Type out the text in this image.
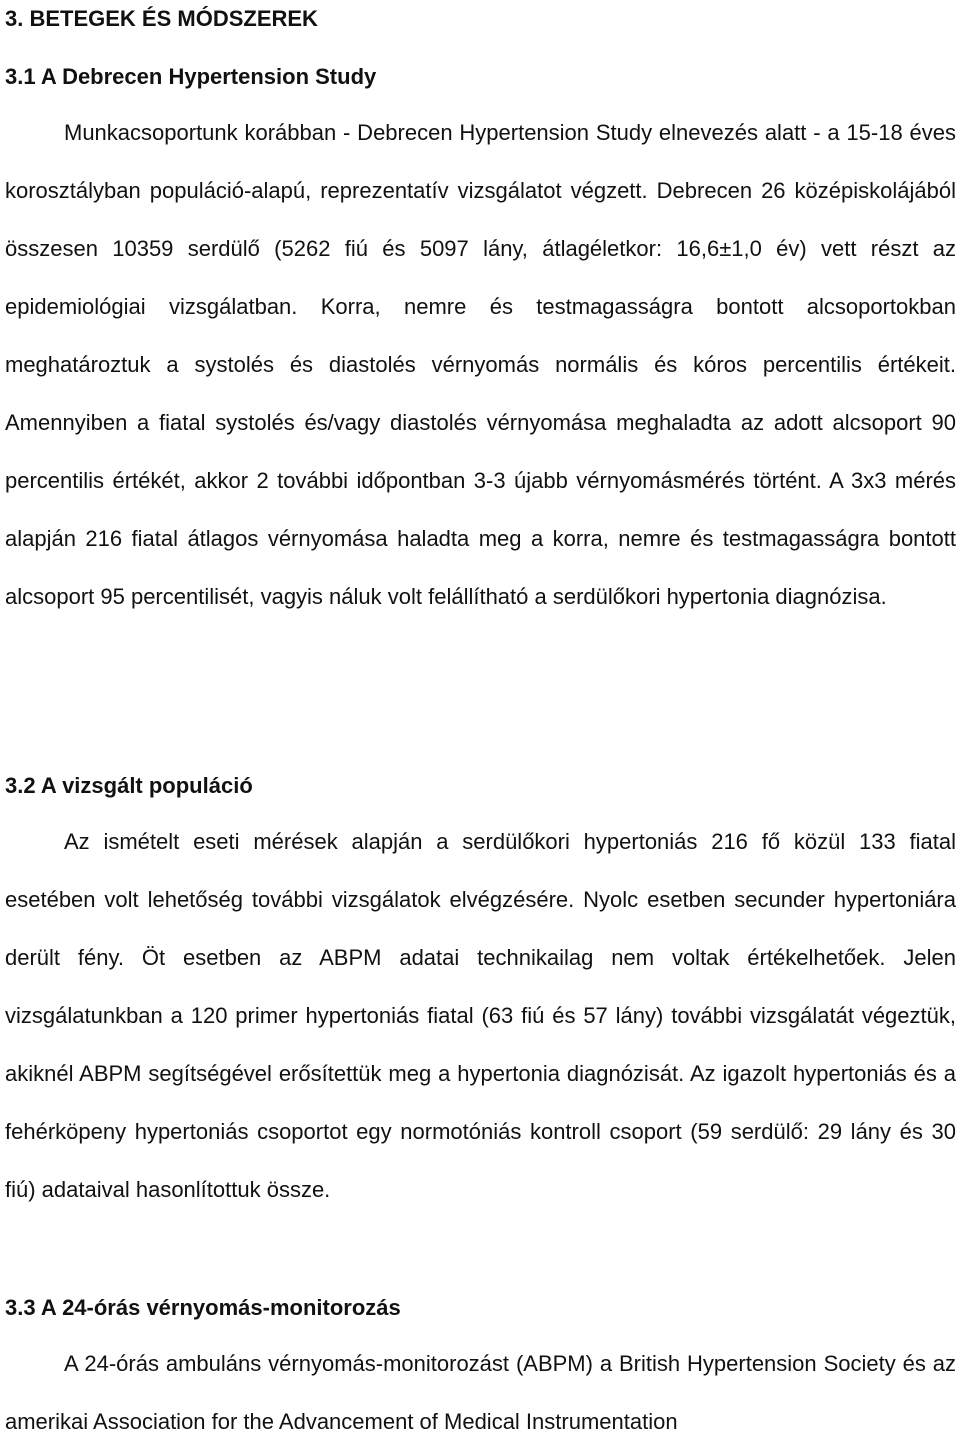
3. BETEGEK ÉS MÓDSZEREK
3.1 A Debrecen Hypertension Study
Munkacsoportunk korábban - Debrecen Hypertension Study elnevezés alatt - a 15-18 éves korosztályban populáció-alapú, reprezentatív vizsgálatot végzett. Debrecen 26 középiskolájából összesen 10359 serdülő (5262 fiú és 5097 lány, átlagéletkor: 16,6±1,0 év) vett részt az epidemiológiai vizsgálatban. Korra, nemre és testmagasságra bontott alcsoportokban meghatároztuk a systolés és diastolés vérnyomás normális és kóros percentilis értékeit. Amennyiben a fiatal systolés és/vagy diastolés vérnyomása meghaladta az adott alcsoport 90 percentilis értékét, akkor 2 további időpontban 3-3 újabb vérnyomásmérés történt. A 3x3 mérés alapján 216 fiatal átlagos vérnyomása haladta meg a korra, nemre és testmagasságra bontott alcsoport 95 percentilisét, vagyis náluk volt felállítható a serdülőkori hypertonia diagnózisa.
3.2 A vizsgált populáció
Az ismételt eseti mérések alapján a serdülőkori hypertoniás 216 fő közül 133 fiatal esetében volt lehetőség további vizsgálatok elvégzésére. Nyolc esetben secunder hypertoniára derült fény. Öt esetben az ABPM adatai technikailag nem voltak értékelhetőek. Jelen vizsgálatunkban a 120 primer hypertoniás fiatal (63 fiú és 57 lány) további vizsgálatát végeztük, akiknél ABPM segítségével erősítettük meg a hypertonia diagnózisát. Az igazolt hypertoniás és a fehérköpeny hypertoniás csoportot egy normotóniás kontroll csoport (59 serdülő: 29 lány és 30 fiú) adataival hasonlítottuk össze.
3.3 A 24-órás vérnyomás-monitorozás
A 24-órás ambuláns vérnyomás-monitorozást (ABPM) a British Hypertension Society és az amerikai Association for the Advancement of Medical Instrumentation
